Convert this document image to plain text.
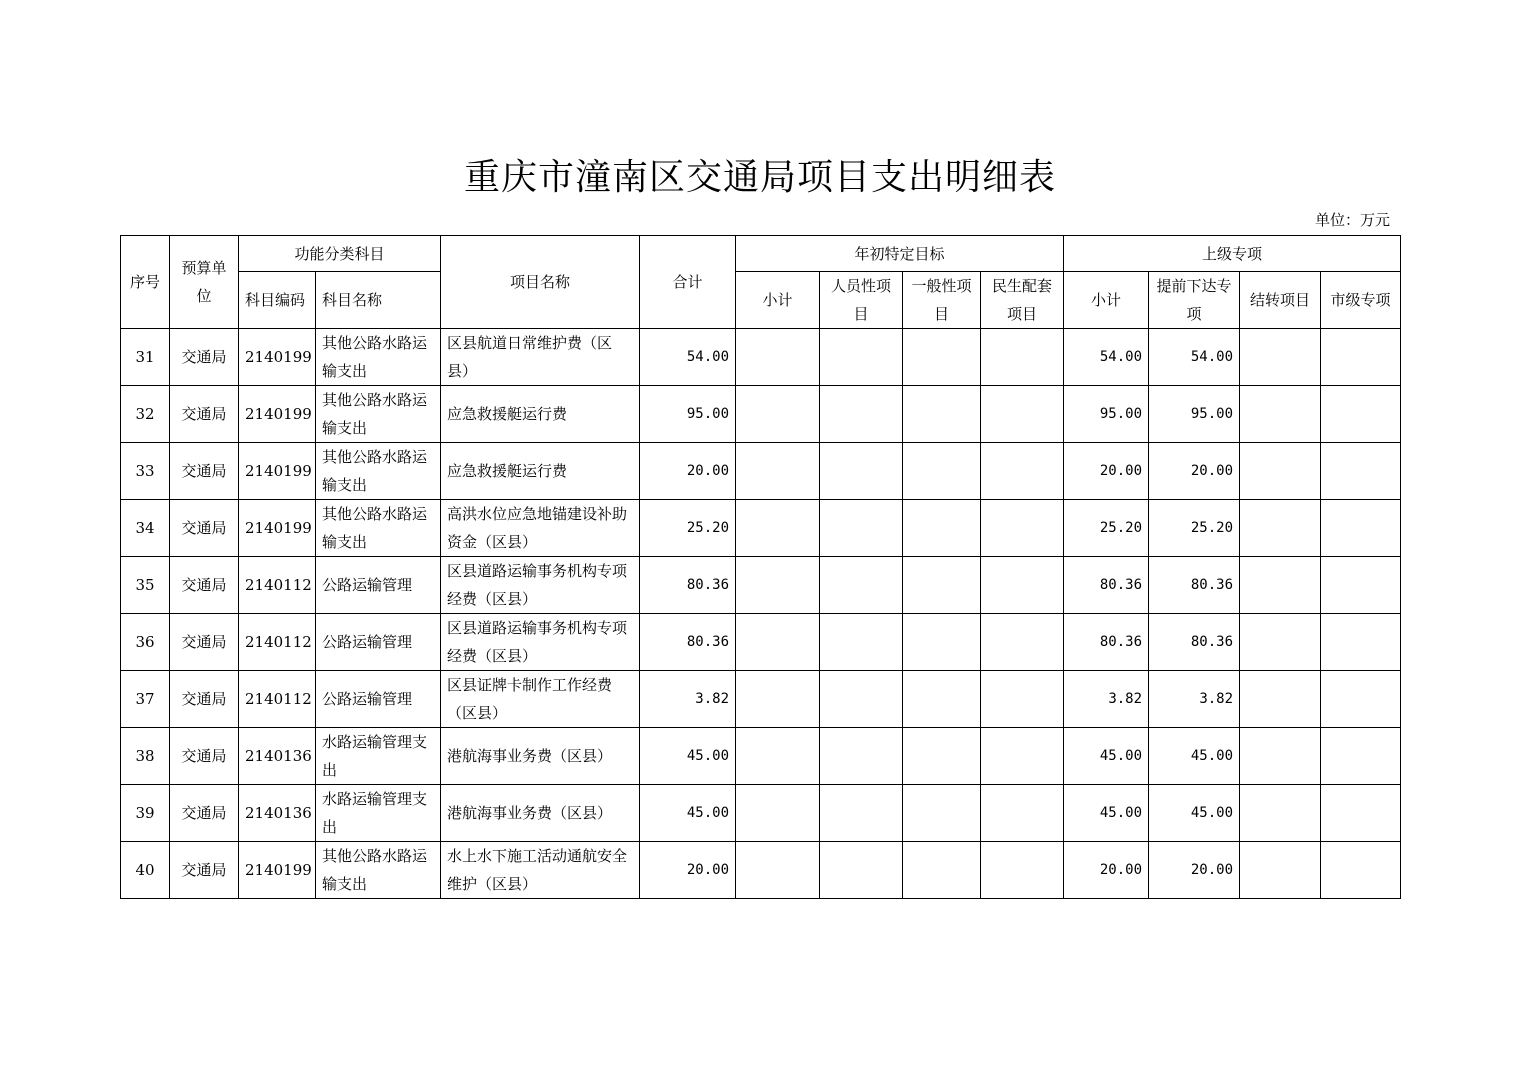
重庆市潼南区交通局项目支出明细表
单位：万元
序号	预算单位	功能分类科目		项目名称	合计	年初特定目标				上级专项			
		科目编码	科目名称			小计	人员性项目	一般性项目	民生配套项目	小计	提前下达专项	结转项目	市级专项
31	交通局	2140199	其他公路水路运输支出	区县航道日常维护费（区县）	54.00					54.00	54.00		
32	交通局	2140199	其他公路水路运输支出	应急救援艇运行费	95.00					95.00	95.00		
33	交通局	2140199	其他公路水路运输支出	应急救援艇运行费	20.00					20.00	20.00		
34	交通局	2140199	其他公路水路运输支出	高洪水位应急地锚建设补助资金（区县）	25.20					25.20	25.20		
35	交通局	2140112	公路运输管理	区县道路运输事务机构专项经费（区县）	80.36					80.36	80.36		
36	交通局	2140112	公路运输管理	区县道路运输事务机构专项经费（区县）	80.36					80.36	80.36		
37	交通局	2140112	公路运输管理	区县证牌卡制作工作经费（区县）	3.82					3.82	3.82		
38	交通局	2140136	水路运输管理支出	港航海事业务费（区县）	45.00					45.00	45.00		
39	交通局	2140136	水路运输管理支出	港航海事业务费（区县）	45.00					45.00	45.00		
40	交通局	2140199	其他公路水路运输支出	水上水下施工活动通航安全维护（区县）	20.00					20.00	20.00		
